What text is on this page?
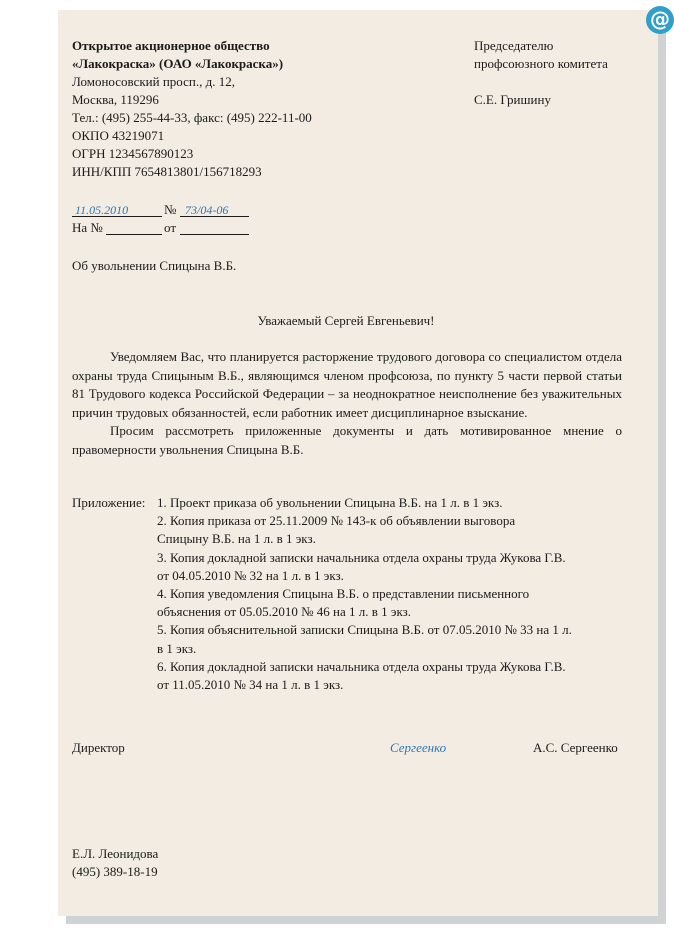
@
Открытое акционерное общество
«Лакокраска» (ОАО «Лакокраска»)
Ломоносовский просп., д. 12,
Москва, 119296
Тел.: (495) 255-44-33, факс: (495) 222-11-00
ОКПО 43219071
ОГРН 1234567890123
ИНН/КПП 7654813801/156718293
Председателю
профсоюзного комитета
С.Е. Гришину
11.05.2010	№ 73/04-06
На №	от
Об увольнении Спицына В.Б.
Уважаемый Сергей Евгеньевич!

Уведомляем Вас, что планируется расторжение трудового договора со специалистом отдела охраны труда Спицыным В.Б., являющимся членом профсоюза, по пункту 5 части первой статьи 81 Трудового кодекса Российской Федерации – за неоднократное неисполнение без уважительных причин трудовых обязанностей, если работник имеет дисциплинарное взыскание.

Просим рассмотреть приложенные документы и дать мотивированное мнение о правомерности увольнения Спицына В.Б.

Приложение: 1. Проект приказа об увольнении Спицына В.Б. на 1 л. в 1 экз.
2. Копия приказа от 25.11.2009 № 143-к об объявлении выговора
Спицыну В.Б. на 1 л. в 1 экз.
3. Копия докладной записки начальника отдела охраны труда Жукова Г.В.
от 04.05.2010 № 32 на 1 л. в 1 экз.
4. Копия уведомления Спицына В.Б. о представлении письменного
объяснения от 05.05.2010 № 46 на 1 л. в 1 экз.
5. Копия объяснительной записки Спицына В.Б. от 07.05.2010 № 33 на 1 л.
в 1 экз.
6. Копия докладной записки начальника отдела охраны труда Жукова Г.В.
от 11.05.2010 № 34 на 1 л. в 1 экз.
Директор	Сергеенко	А.С. Сергеенко
Е.Л. Леонидова
(495) 389-18-19
